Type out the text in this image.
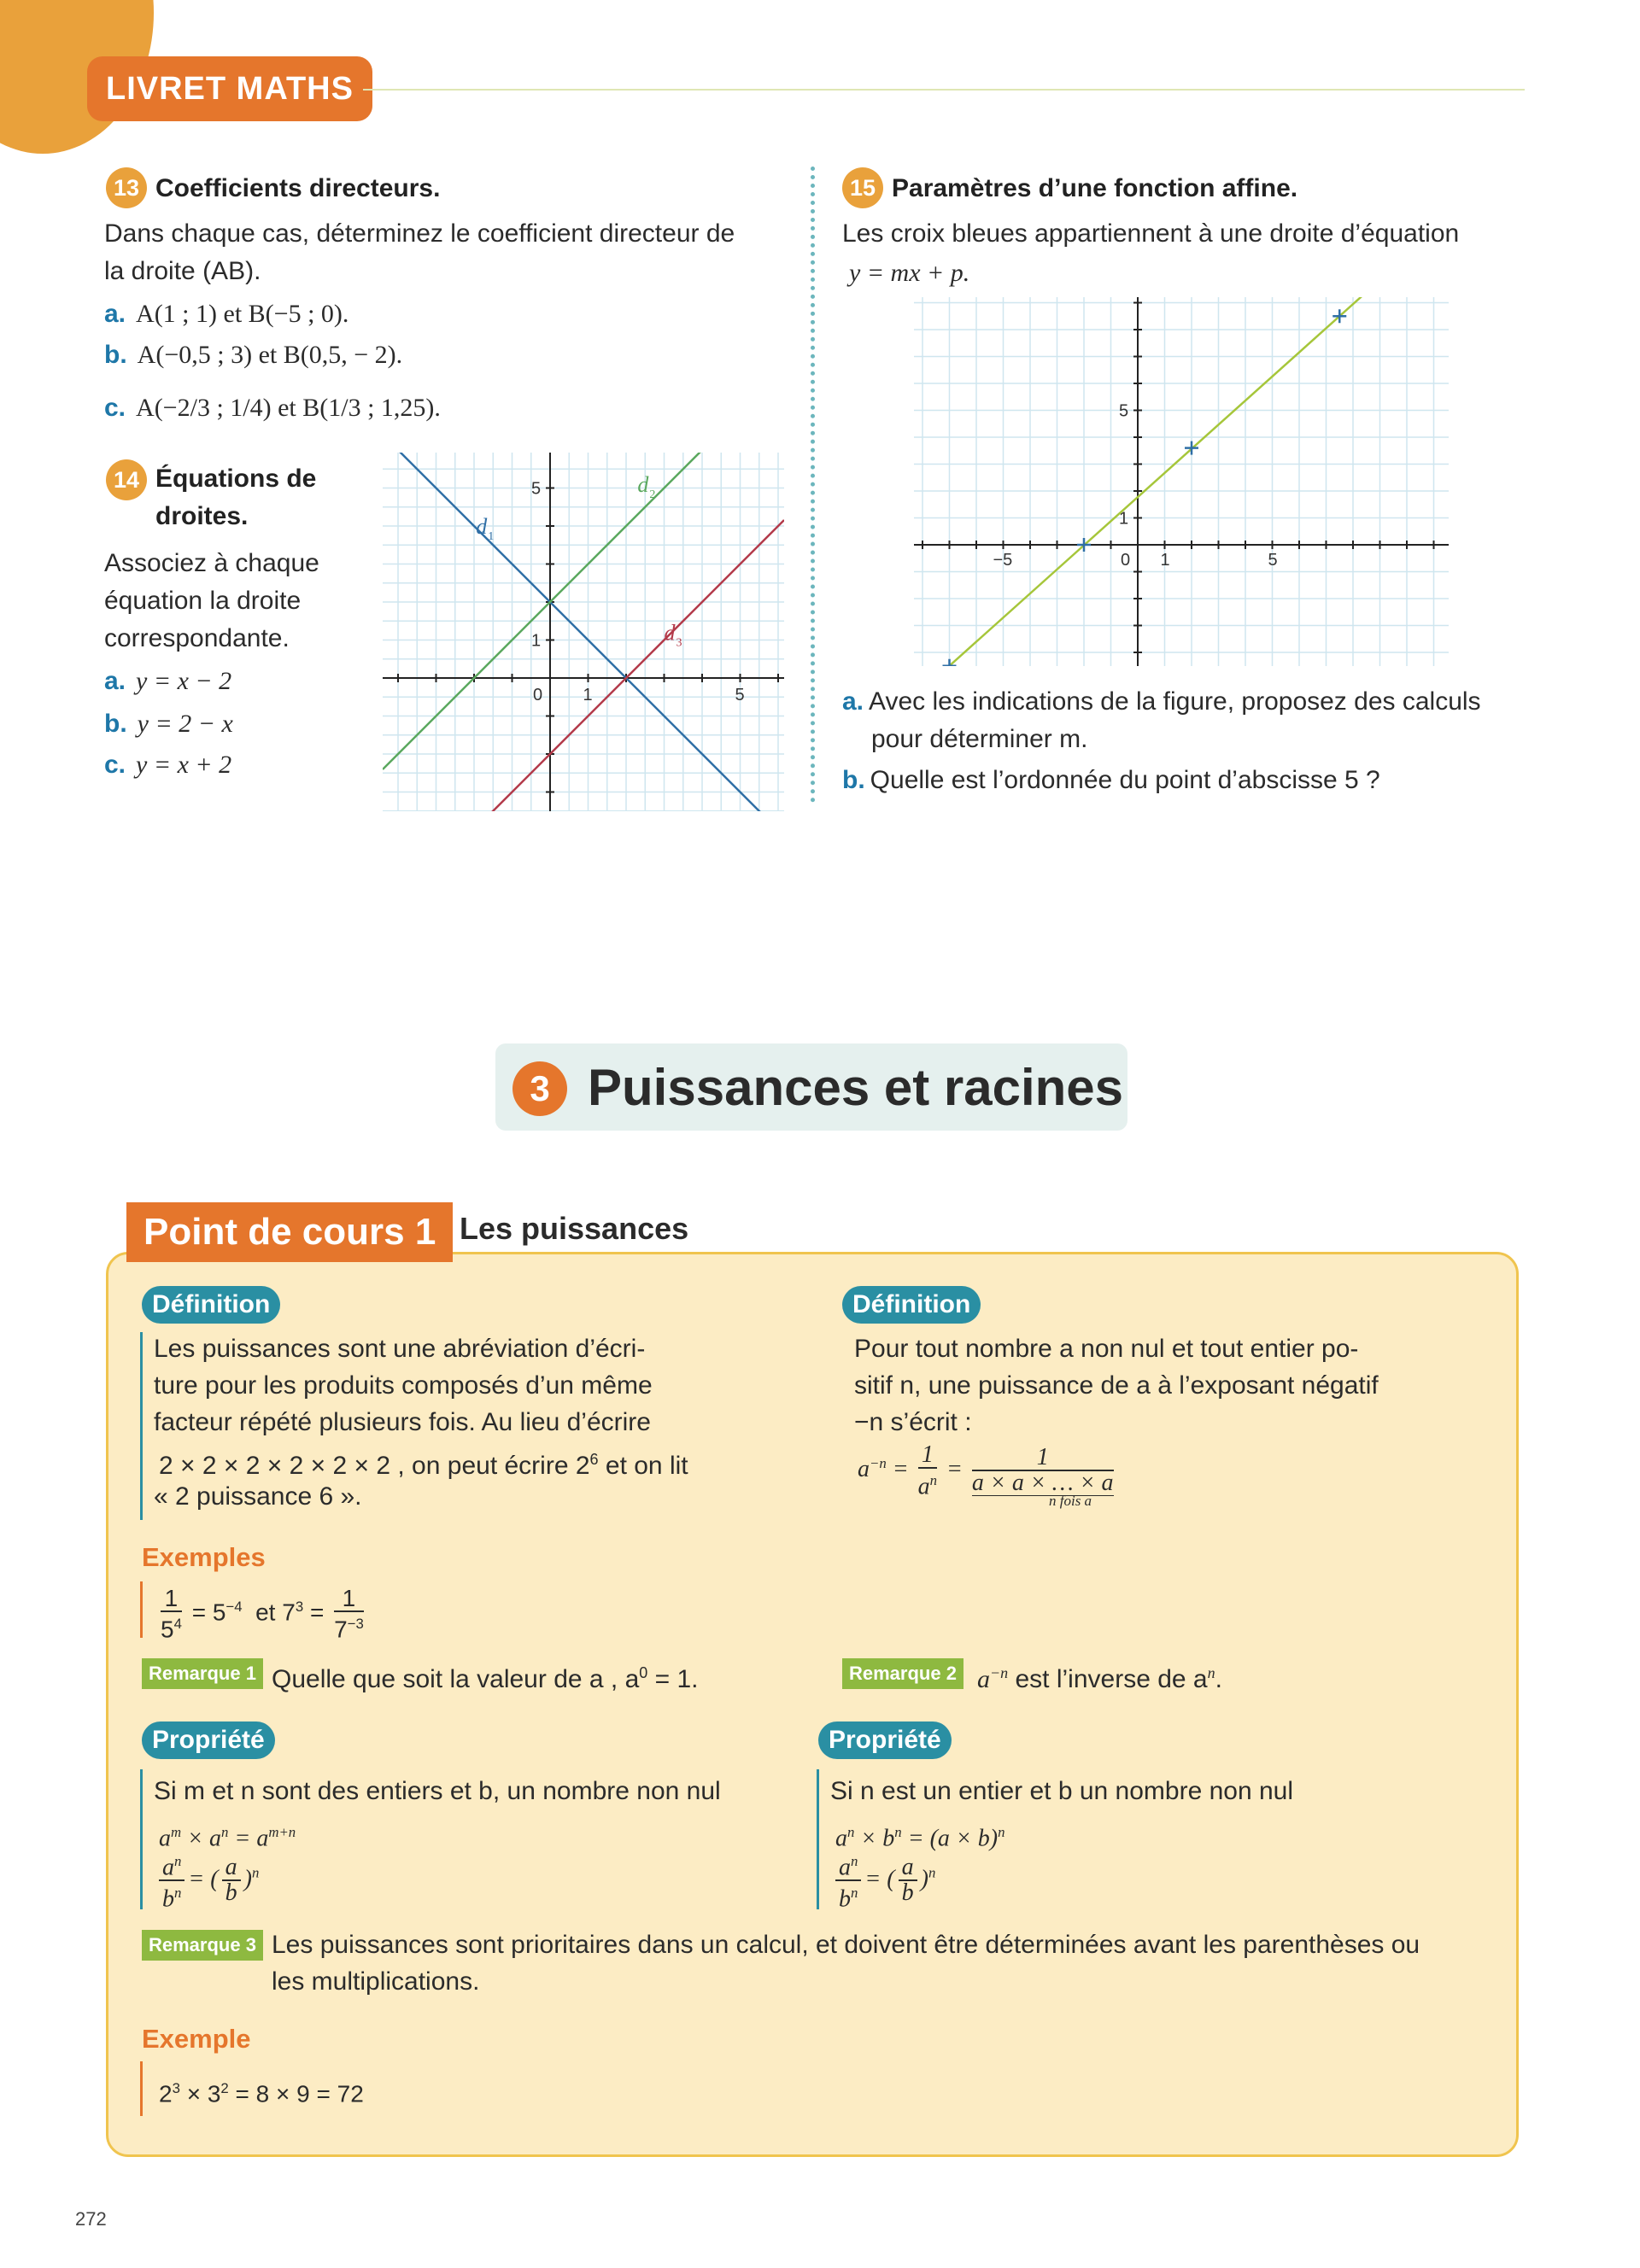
LIVRET MATHS
13 Coefficients directeurs.
Dans chaque cas, déterminez le coefficient directeur de
la droite (AB).
a. A(1 ; 1) et B(−5 ; 0).
b. A(−0,5 ; 3) et B(0,5, − 2).
c. A(−2/3 ; 1/4) et B(1/3 ; 1,25).
14 Équations de
droites.
Associez à chaque
équation la droite
correspondante.
a. y = x − 2
b. y = 2 − x
c. y = x + 2
0 1	5
1
5
d 1
d 2
d 3
15 Paramètres d’une fonction affine.
Les croix bleues appartiennent à une droite d’équation
y = mx + p.
0
−5	1	5
1
5
a. Avec les indications de la figure, proposez des calculs
pour déterminer m.
b. Quelle est l’ordonnée du point d’abscisse 5 ?
3 Puissances et racines
Point de cours 1 Les puissances
Définition
Les puissances sont une abréviation d’écri-
ture pour les produits composés d’un même
facteur répété plusieurs fois. Au lieu d’écrire
2 × 2 × 2 × 2 × 2 × 2 , on peut écrire $2^6$ et on lit
« 2 puissance 6 ».
Définition
Pour tout nombre a non nul et tout entier po-
sitif n, une puissance de a à l’exposant négatif
−n s’écrit :
$a^{-n} = \frac{1}{a^n} = \frac{1}{a \times a \times \dots \times a}$
n fois a
Exemples
$\frac{1}{5^4} = 5^{-4}$ et $7^3 = \frac{1}{7^{-3}}$
Remarque 1 Quelle que soit la valeur de a , $a^0 = 1$.	Remarque 2 $a^{-n}$ est l’inverse de $a^n$.
Propriété
Si m et n sont des entiers et b, un nombre non nul
$a^m \times a^n = a^{m+n}$
$\frac{a^n}{b^n}$ = ( $\frac{a}{b} )^n$
Propriété
Si n est un entier et b un nombre non nul
$a^n \times b^n = (a \times b)^n$
$\frac{a^n}{b^n}$ = ( $\frac{a}{b} )^n$
Remarque 3 Les puissances sont prioritaires dans un calcul, et doivent être déterminées avant les parenthèses ou
les multiplications.
Exemple
$2^3 \times 3^2 = 8 \times 9 = 72$
272
